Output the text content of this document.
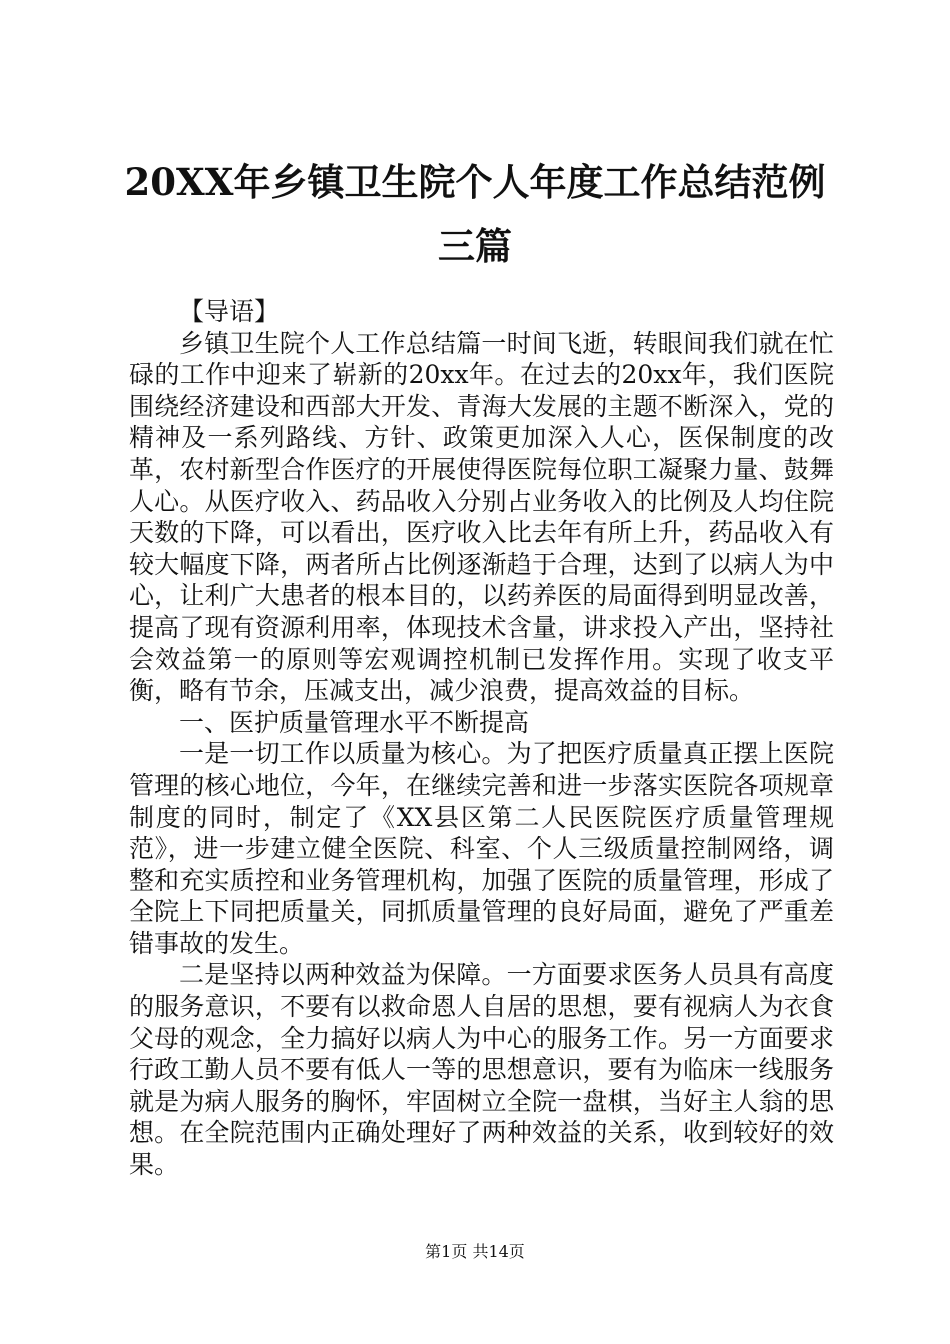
20XX年乡镇卫生院个人年度工作总结范例三篇

【导语】

乡镇卫生院个人工作总结篇一时间飞逝，转眼间我们就在忙碌的工作中迎来了崭新的20xx年。在过去的20xx年，我们医院围绕经济建设和西部大开发、青海大发展的主题不断深入，党的精神及一系列路线、方针、政策更加深入人心，医保制度的改革，农村新型合作医疗的开展使得医院每位职工凝聚力量、鼓舞人心。从医疗收入、药品收入分别占业务收入的比例及人均住院天数的下降，可以看出，医疗收入比去年有所上升，药品收入有较大幅度下降，两者所占比例逐渐趋于合理，达到了以病人为中心，让利广大患者的根本目的，以药养医的局面得到明显改善，提高了现有资源利用率，体现技术含量，讲求投入产出，坚持社会效益第一的原则等宏观调控机制已发挥作用。实现了收支平衡，略有节余，压减支出，减少浪费，提高效益的目标。

一、医护质量管理水平不断提高

一是一切工作以质量为核心。为了把医疗质量真正摆上医院管理的核心地位，今年，在继续完善和进一步落实医院各项规章制度的同时，制定了《XX县区第二人民医院医疗质量管理规范》，进一步建立健全医院、科室、个人三级质量控制网络，调整和充实质控和业务管理机构，加强了医院的质量管理，形成了全院上下同把质量关，同抓质量管理的良好局面，避免了严重差错事故的发生。

二是坚持以两种效益为保障。一方面要求医务人员具有高度的服务意识，不要有以救命恩人自居的思想，要有视病人为衣食父母的观念，全力搞好以病人为中心的服务工作。另一方面要求行政工勤人员不要有低人一等的思想意识，要有为临床一线服务就是为病人服务的胸怀，牢固树立全院一盘棋，当好主人翁的思想。在全院范围内正确处理好了两种效益的关系，收到较好的效果。

第1页 共14页
